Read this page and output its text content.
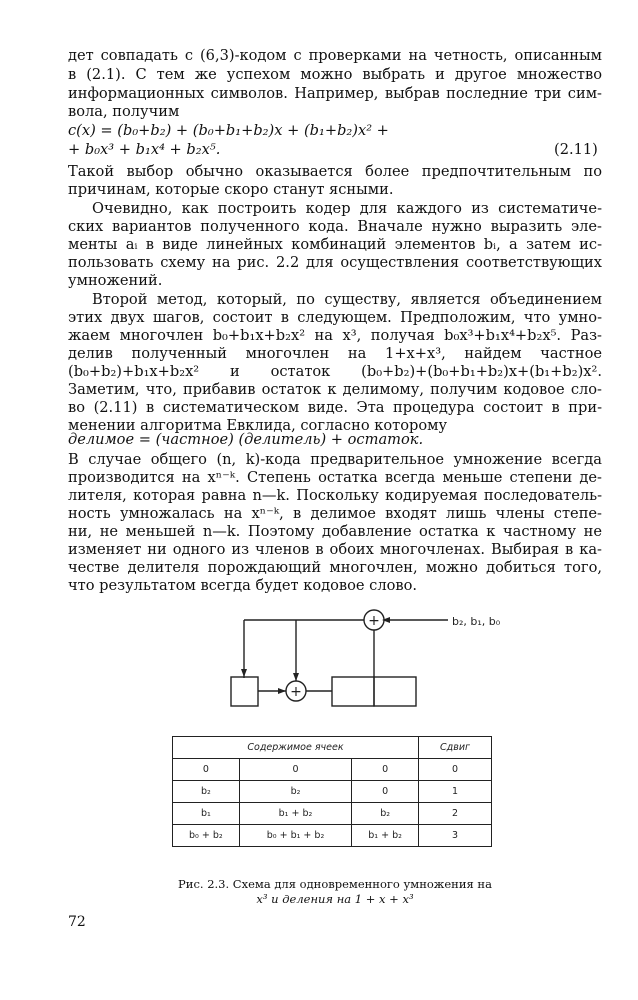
дет совпадать с (6,3)-кодом с проверками на четность, описанным

в (2.1). С тем же успехом можно выбрать и другое множество

информационных символов. Например, выбрав последние три сим-

вола, получим

c(x) = (b₀+b₂) + (b₀+b₁+b₂)x + (b₁+b₂)x² +

+ b₀x³ + b₁x⁴ + b₂x⁵.	(2.11)

Такой выбор обычно оказывается более предпочтительным по

причинам, которые скоро станут ясными.

Очевидно, как построить кодер для каждого из систематиче-

ских вариантов полученного кода. Вначале нужно выразить эле-

менты aᵢ в виде линейных комбинаций элементов bᵢ, а затем ис-

пользовать схему на рис. 2.2 для осуществления соответствующих

умножений.

Второй метод, который, по существу, является объединением

этих двух шагов, состоит в следующем. Предположим, что умно-

жаем многочлен b₀+b₁x+b₂x² на x³, получая b₀x³+b₁x⁴+b₂x⁵. Раз-

делив полученный многочлен на 1+x+x³, найдем частное

(b₀+b₂)+b₁x+b₂x² и остаток (b₀+b₂)+(b₀+b₁+b₂)x+(b₁+b₂)x².

Заметим, что, прибавив остаток к делимому, получим кодовое сло-

во (2.11) в систематическом виде. Эта процедура состоит в при-

менении алгоритма Евклида, согласно которому

делимое = (частное) (делитель) + остаток.

В случае общего (n, k)-кода предварительное умножение всегда

производится на xⁿ⁻ᵏ. Степень остатка всегда меньше степени де-

лителя, которая равна n—k. Поскольку кодируемая последователь-

ность умножалась на xⁿ⁻ᵏ, в делимое входят лишь члены степе-

ни, не меньшей n—k. Поэтому добавление остатка к частному не

изменяет ни одного из членов в обоих многочленах. Выбирая в ка-

честве делителя порождающий многочлен, можно добиться того,

что результатом всегда будет кодовое слово.

+
+
b₂, b₁, b₀
Содержимое ячеек			Сдвиг
0	0	0	0
b₂	b₂	0	1
b₁	b₁ + b₂	b₂	2
b₀ + b₂	b₀ + b₁ + b₂	b₁ + b₂	3

Рис. 2.3. Схема для одновременного умножения на

x³ и деления на 1 + x + x³

72
